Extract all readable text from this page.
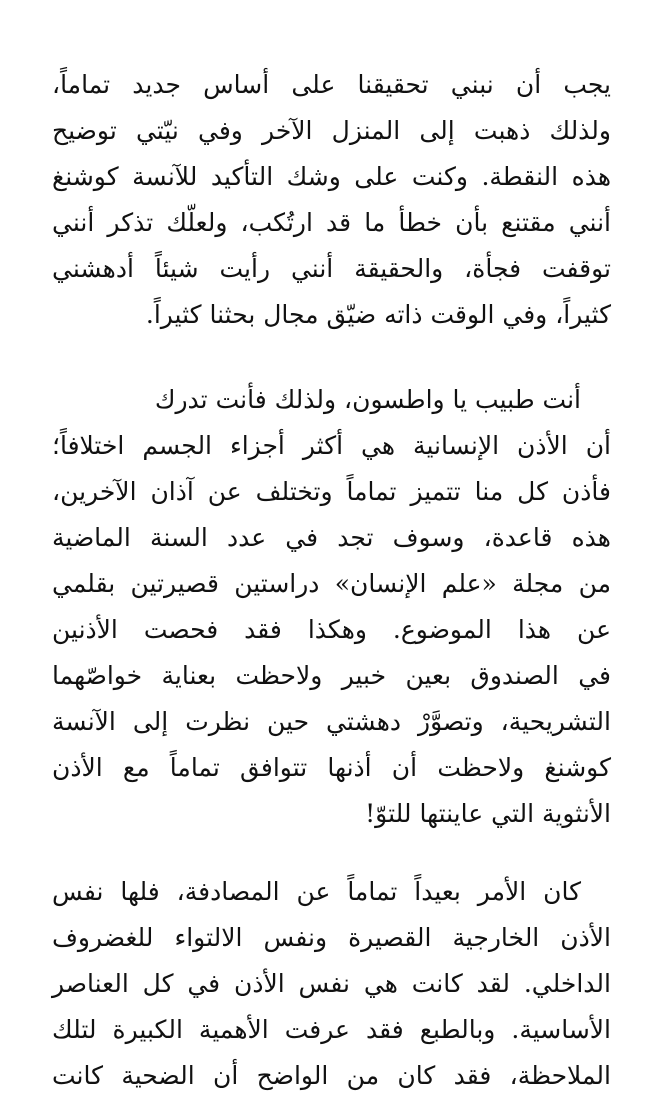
يجب أن نبني تحقيقنا على أساس جديد تماماً،
ولذلك ذهبت إلى المنزل الآخر وفي نيّتي توضيح
هذه النقطة. وكنت على وشك التأكيد للآنسة كوشنغ
أنني مقتنع بأن خطأ ما قد ارتُكب، ولعلّك تذكر أنني
توقفت فجأة، والحقيقة أنني رأيت شيئاً أدهشني
كثيراً، وفي الوقت ذاته ضيّق مجال بحثنا كثيراً.

أنت طبيب يا واطسون، ولذلك فأنت تدرك
أن الأذن الإنسانية هي أكثر أجزاء الجسم اختلافاً؛
فأذن كل منا تتميز تماماً وتختلف عن آذان الآخرين،
هذه قاعدة، وسوف تجد في عدد السنة الماضية
من مجلة «علم الإنسان» دراستين قصيرتين بقلمي
عن هذا الموضوع. وهكذا فقد فحصت الأذنين
في الصندوق بعين خبير ولاحظت بعناية خواصّهما
التشريحية، وتصوَّرْ دهشتي حين نظرت إلى الآنسة
كوشنغ ولاحظت أن أذنها تتوافق تماماً مع الأذن
الأنثوية التي عاينتها للتوّ!

كان الأمر بعيداً تماماً عن المصادفة، فلها نفس
الأذن الخارجية القصيرة ونفس الالتواء للغضروف
الداخلي. لقد كانت هي نفس الأذن في كل العناصر
الأساسية. وبالطبع فقد عرفت الأهمية الكبيرة لتلك
الملاحظة، فقد كان من الواضح أن الضحية كانت
